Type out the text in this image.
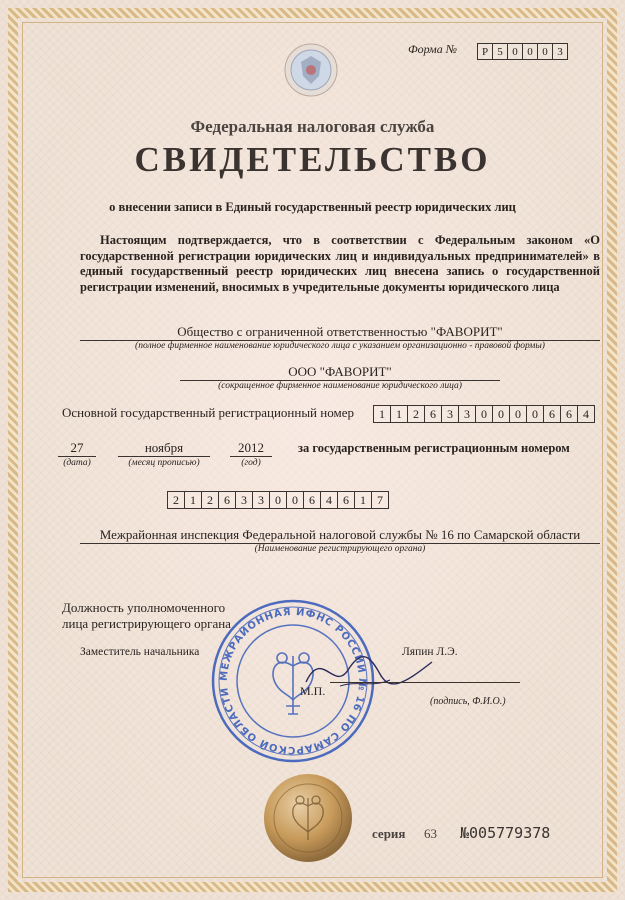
Форма №	Р 5 0 0 0 3
Федеральная налоговая служба
СВИДЕТЕЛЬСТВО
о внесении записи в Единый государственный реестр юридических лиц
Настоящим подтверждается, что в соответствии с Федеральным законом «О государственной регистрации юридических лиц и индивидуальных предпринимателей» в единый государственный реестр юридических лиц внесена запись о государственной регистрации изменений, вносимых в учредительные документы юридического лица
Общество с ограниченной ответственностью "ФАВОРИТ"
(полное фирменное наименование юридического лица с указанием организационно - правовой формы)
ООО "ФАВОРИТ"
(сокращенное фирменное наименование юридического лица)
Основной государственный регистрационный номер	1 1 2 6 3 3 0 0 0 0 6 6 4
27
(дата)
ноября
(месяц прописью)
2012
(год)
за государственным регистрационным номером
2 1 2 6 3 3 0 0 6 4 6 1 7
Межрайонная инспекция Федеральной налоговой службы № 16 по Самарской области
(Наименование регистрирующего органа)
Должность уполномоченного
лица регистрирующего органа
Заместитель начальника
МЕЖРАЙОННАЯ ИФНС РОССИИ № 16 ПО САМАРСКОЙ ОБЛАСТИ	М.П.
Ляпин Л.Э.
(подпись, Ф.И.О.)
серия 63 №005779378
